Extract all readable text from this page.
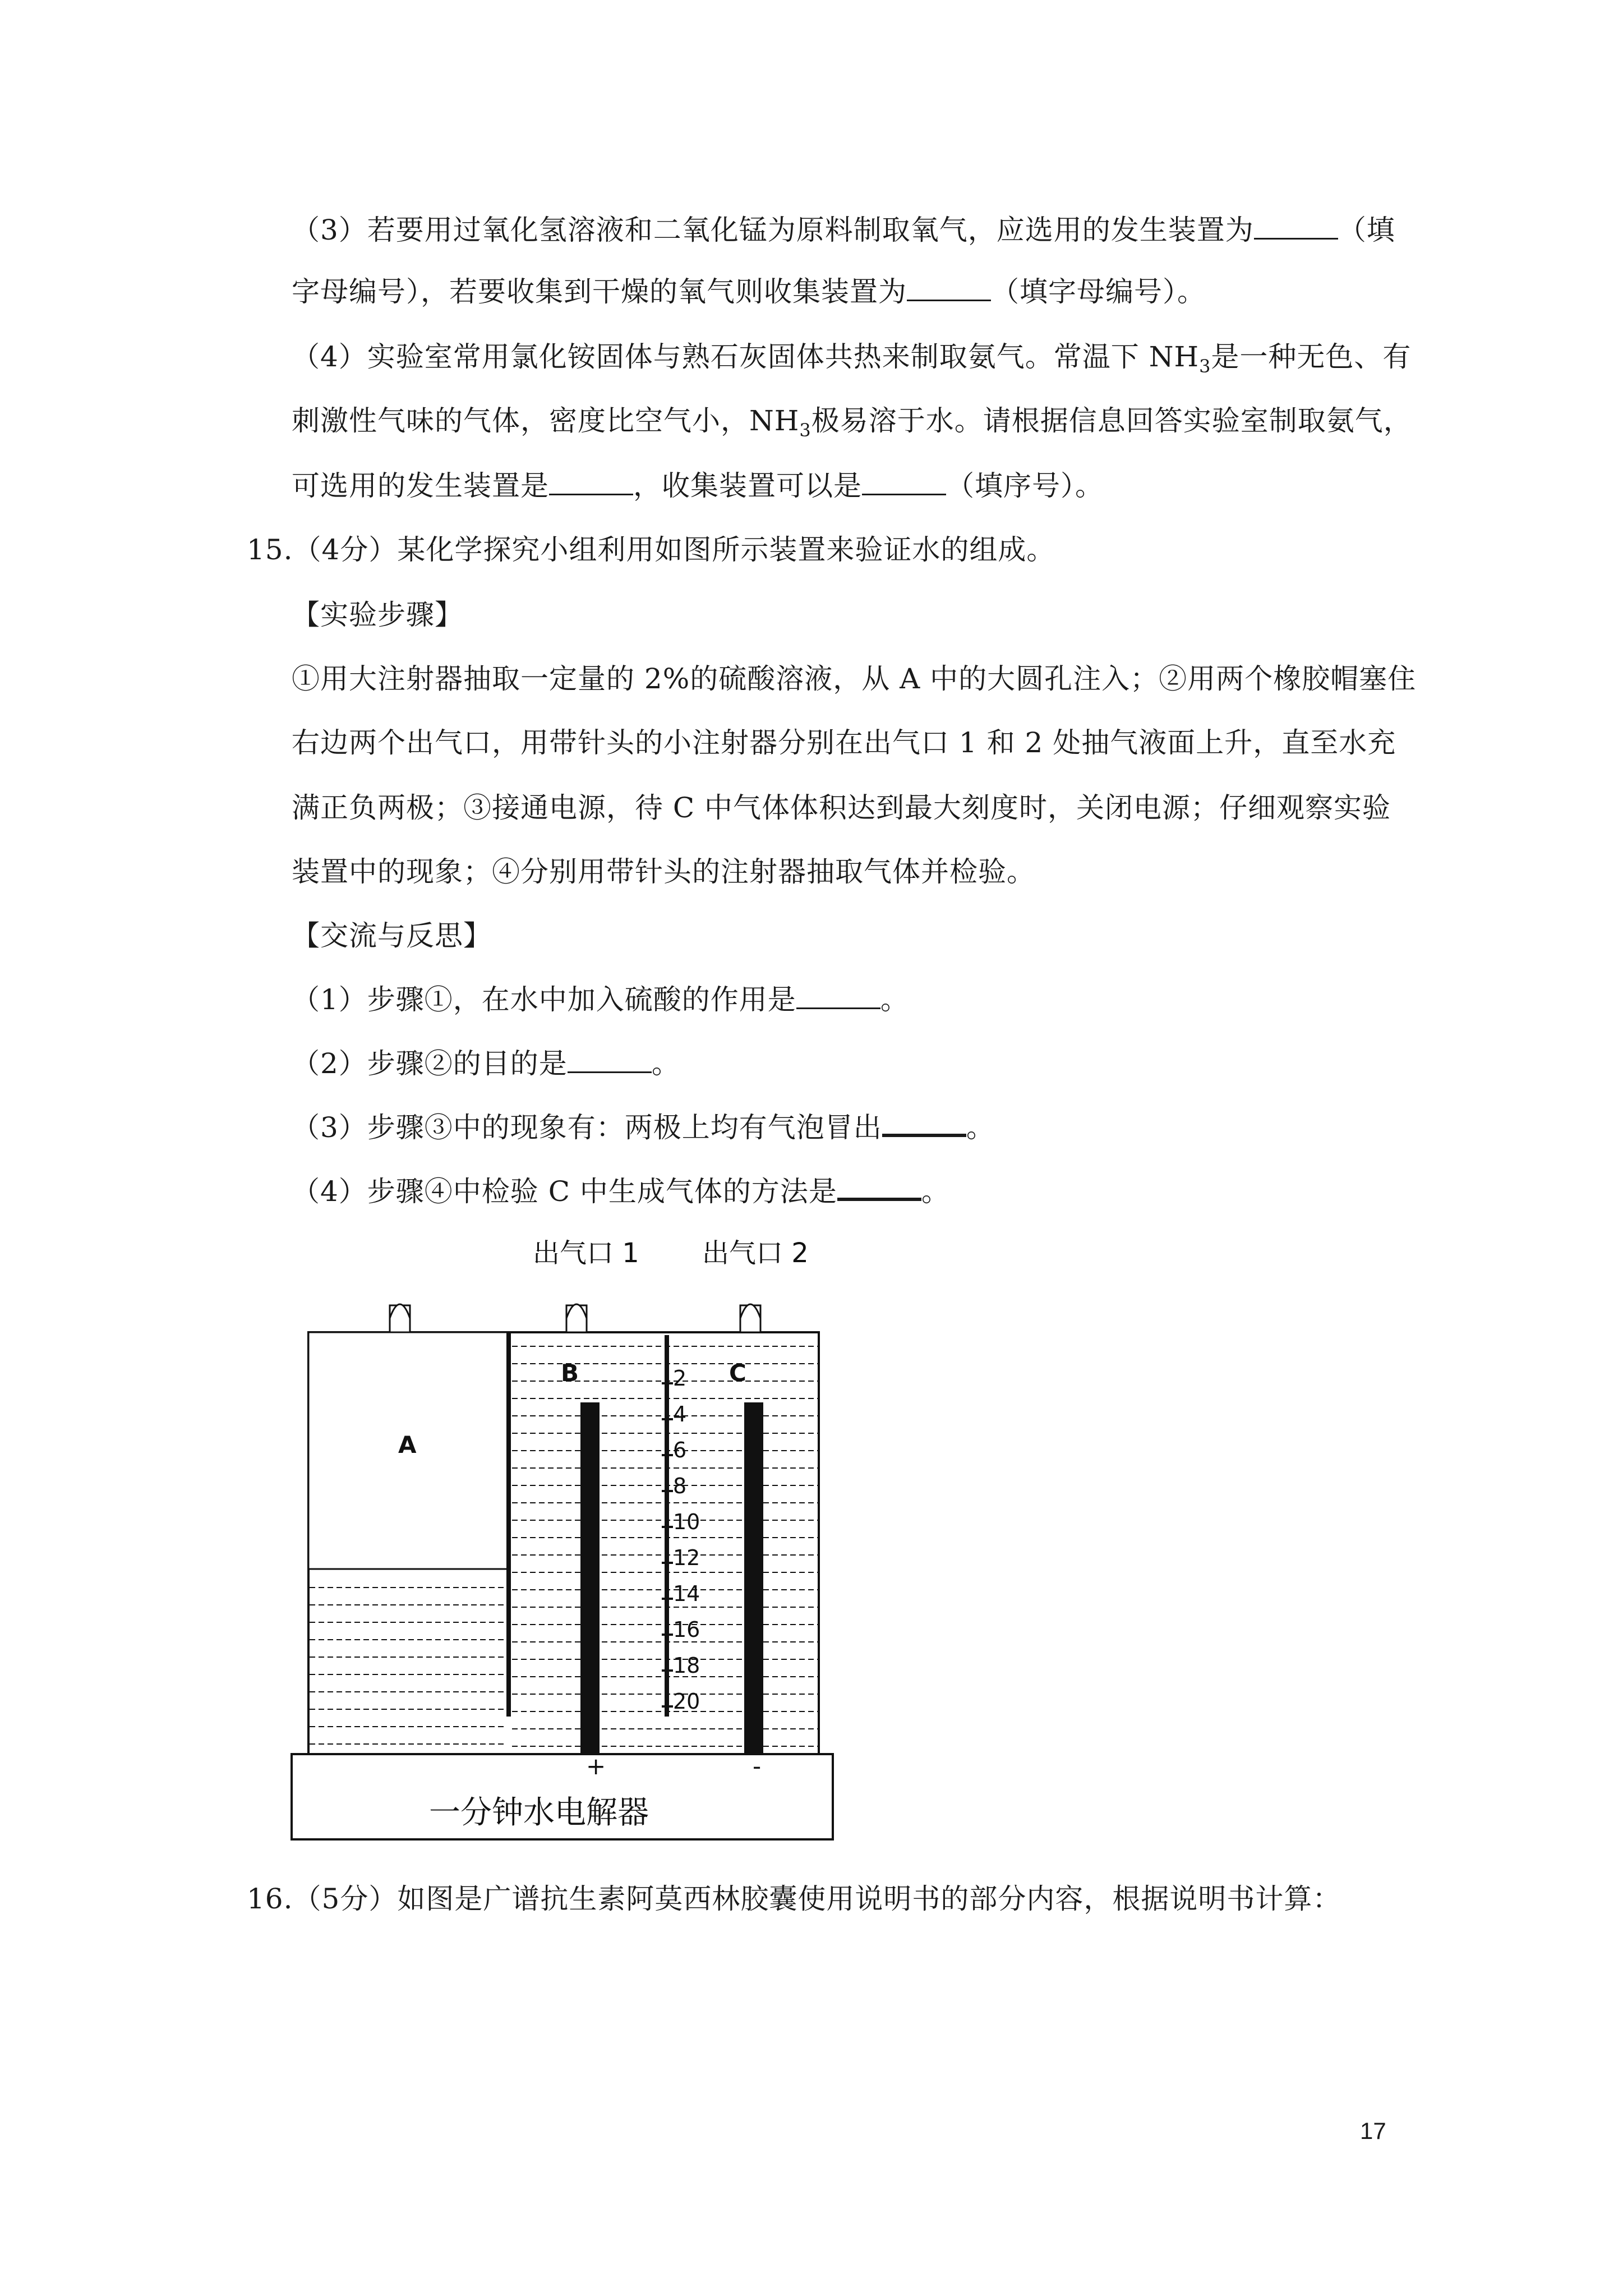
（3）若要用过氧化氢溶液和二氧化锰为原料制取氧气，应选用的发生装置为	（填
字母编号），若要收集到干燥的氧气则收集装置为	（填字母编号）。
（4）实验室常用氯化铵固体与熟石灰固体共热来制取氨气。常温下 $NH_3$是一种无色、有
刺激性气味的气体，密度比空气小，$NH_3$极易溶于水。请根据信息回答实验室制取氨气，
可选用的发生装置是	，收集装置可以是	（填序号）。
15.（4分）某化学探究小组利用如图所示装置来验证水的组成。
【实验步骤】
①用大注射器抽取一定量的 2%的硫酸溶液，从 A 中的大圆孔注入；②用两个橡胶帽塞住
右边两个出气口，用带针头的小注射器分别在出气口 1 和 2 处抽气液面上升，直至水充
满正负两极；③接通电源，待 C 中气体体积达到最大刻度时，关闭电源；仔细观察实验
装置中的现象；④分别用带针头的注射器抽取气体并检验。
【交流与反思】
（1）步骤①，在水中加入硫酸的作用是	。
（2）步骤②的目的是	。
（3）步骤③中的现象有：两极上均有气泡冒出	。
（4）步骤④中检验 C 中生成气体的方法是	。
出气口 1 出气口 2
A
B	C
2
4
6
8
10
12
14
16
18
20
+	-
一分钟水电解器
16.（5分）如图是广谱抗生素阿莫西林胶囊使用说明书的部分内容，根据说明书计算：
17
